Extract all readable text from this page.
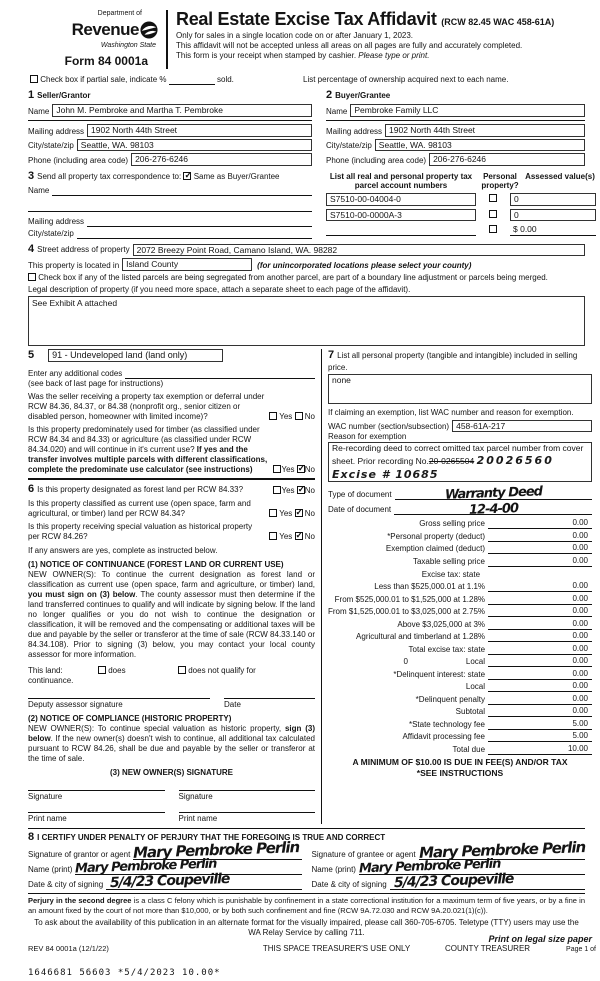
Department of
Revenue
Washington State
Form 84 0001a
Real Estate Excise Tax Affidavit (RCW 82.45 WAC 458-61A)
Only for sales in a single location code on or after January 1, 2023.
This affidavit will not be accepted unless all areas on all pages are fully and accurately completed.
This form is your receipt when stamped by cashier. Please type or print.
Check box if partial sale, indicate %	sold.	List percentage of ownership acquired next to each name.
1 Seller/Grantor
Name John M. Pembroke and Martha T. Pembroke
Mailing address 1902 North 44th Street
City/state/zip Seattle, WA. 98103
Phone (including area code) 206-276-6246
2 Buyer/Grantee
Name Pembroke Family LLC
Mailing address 1902 North 44th Street
City/state/zip Seattle, WA. 98103
Phone (including area code) 206-276-6246
3 Send all property tax correspondence to: ✓ Same as Buyer/Grantee
Name
Mailing address
City/state/zip
List all real and personal property tax parcel account numbers
Personal property?
Assessed value(s)
S7510-00-04004-0	0
S7510-00-0000A-3	0
$ 0.00
4 Street address of property 2072 Breezy Point Road, Camano Island, WA. 98282
This property is located in Island County	(for unincorporated locations please select your county)
Check box if any of the listed parcels are being segregated from another parcel, are part of a boundary line adjustment or parcels being merged.
Legal description of property (if you need more space, attach a separate sheet to each page of the affidavit).
See Exhibit A attached
5	91 - Undeveloped land (land only)
Enter any additional codes
(see back of last page for instructions)
Was the seller receiving a property tax exemption or deferral under RCW 84.36, 84.37, or 84.38 (nonprofit org., senior citizen or disabled person, homeowner with limited income)?	Yes No
Is this property predominately used for timber (as classified under RCW 84.34 and 84.33) or agriculture (as classified under RCW 84.34.020) and will continue in it's current use? If yes and the transfer involves multiple parcels with different classifications, complete the predominate use calculator (see instructions)	Yes ✓ No
6 Is this property designated as forest land per RCW 84.33?	Yes ✓ No
Is this property classified as current use (open space, farm and agricultural, or timber) land per RCW 84.34?	Yes ✓ No
Is this property receiving special valuation as historical property per RCW 84.26?	Yes ✓ No
If any answers are yes, complete as instructed below.
(1) NOTICE OF CONTINUANCE (FOREST LAND OR CURRENT USE)
NEW OWNER(S): To continue the current designation as forest land or classification as current use (open space, farm and agriculture, or timber) land, you must sign on (3) below. The county assessor must then determine if the land transferred continues to qualify and will indicate by signing below. If the land no longer qualifies or you do not wish to continue the designation or classification, it will be removed and the compensating or additional taxes will be due and payable by the seller or transferor at the time of sale (RCW 84.33.140 or 84.34.108). Prior to signing (3) below, you may contact your local county assessor for more information.
This land:	does	does not qualify for
continuance.
Deputy assessor signature	Date
(2) NOTICE OF COMPLIANCE (HISTORIC PROPERTY)
NEW OWNER(S): To continue special valuation as historic property, sign (3) below. If the new owner(s) doesn't wish to continue, all additional tax calculated pursuant to RCW 84.26, shall be due and payable by the seller or transferor at the time of sale.
(3) NEW OWNER(S) SIGNATURE
Signature	Signature
Print name	Print name
7 List all personal property (tangible and intangible) included in selling price.
none
If claiming an exemption, list WAC number and reason for exemption.
WAC number (section/subsection) 458-61A-217
Reason for exemption
Re-recording deed to correct omitted tax parcel number from cover
sheet. Prior recording No.20-0265504 20026560
Excise # 10685
Type of document	Warranty Deed
Date of document	12-4-00
Gross selling price	0.00
*Personal property (deduct)	0.00
Exemption claimed (deduct)	0.00
Taxable selling price	0.00
Excise tax: state
Less than $525,000.01 at 1.1%	0.00
From $525,000.01 to $1,525,000 at 1.28%	0.00
From $1,525,000.01 to $3,025,000 at 2.75%	0.00
Above $3,025,000 at 3%	0.00
Agricultural and timberland at 1.28%	0.00
Total excise tax: state	0.00
0	Local	0.00
*Delinquent interest: state	0.00
Local	0.00
*Delinquent penalty	0.00
Subtotal	0.00
*State technology fee	5.00
Affidavit processing fee	5.00
Total due	10.00
A MINIMUM OF $10.00 IS DUE IN FEE(S) AND/OR TAX
*SEE INSTRUCTIONS
8 I CERTIFY UNDER PENALTY OF PERJURY THAT THE FOREGOING IS TRUE AND CORRECT
Signature of grantor or agent Mary Pembroke Perlin
Name (print) Mary Pembroke Perlin
Date & city of signing 5/4/23 Coupeville
Signature of grantee or agent Mary Pembroke Perlin
Name (print) Mary Pembroke Perlin
Date & city of signing 5/4/23 Coupeville
Perjury in the second degree is a class C felony which is punishable by confinement in a state correctional institution for a maximum term of five years, or by a fine in an amount fixed by the court of not more than $10,000, or by both such confinement and fine (RCW 9A.72.030 and RCW 9A.20.021(1)(c)).
To ask about the availability of this publication in an alternate format for the visually impaired, please call 360-705-6705. Teletype (TTY) users may use the WA Relay Service by calling 711.
REV 84 0001a (12/1/22)	THIS SPACE TREASURER'S USE ONLY	COUNTY TREASURER
1646681 56603 *5/4/2023 10.00*
Print on legal size paper
Page 1 of
